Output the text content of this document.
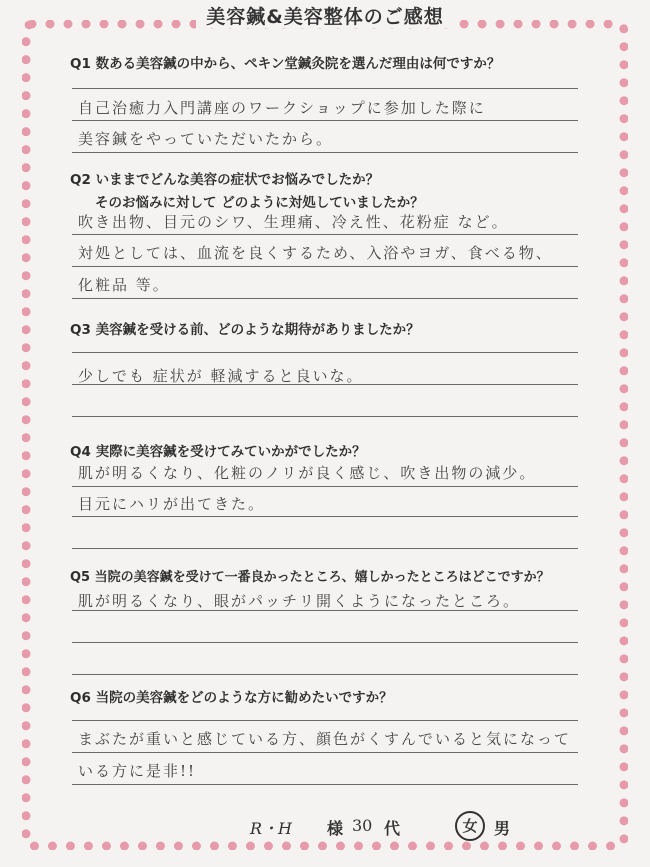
美容鍼&美容整体のご感想
Q1 数ある美容鍼の中から、ペキン堂鍼灸院を選んだ理由は何ですか？
自己治癒力入門講座のワークショップに参加した際に
美容鍼をやっていただいたから。
Q2 いままでどんな美容の症状でお悩みでしたか？
そのお悩みに対して どのように対処していましたか？
吹き出物、目元のシワ、生理痛、冷え性、花粉症 など。
対処としては、血流を良くするため、入浴やヨガ、食べる物、
化粧品 等。
Q3 美容鍼を受ける前、どのような期待がありましたか？
少しでも 症状が 軽減すると良いな。
Q4 実際に美容鍼を受けてみていかがでしたか？
肌が明るくなり、化粧のノリが良く感じ、吹き出物の減少。
目元にハリが出てきた。
Q5 当院の美容鍼を受けて一番良かったところ、嬉しかったところはどこですか？
肌が明るくなり、眼がパッチリ開くようになったところ。
Q6 当院の美容鍼をどのような方に勧めたいですか？
まぶたが重いと感じている方、顔色がくすんでいると気になって
いる方に是非!!
R・H 様 30 代	女	男
